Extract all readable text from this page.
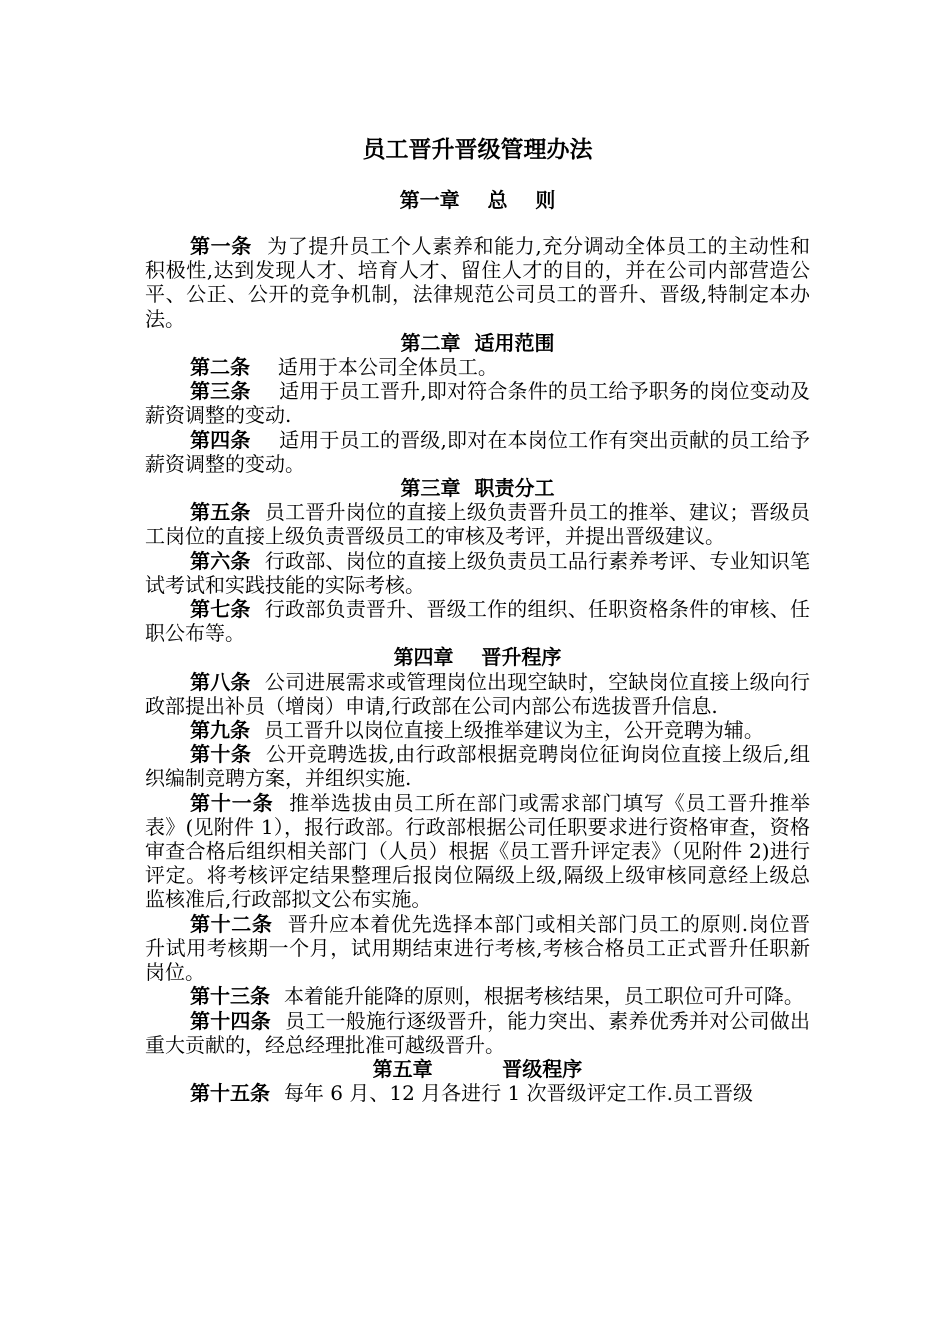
员工晋升晋级管理办法
第一章    总    则

第一条  为了提升员工个人素养和能力,充分调动全体员工的主动性和积极性,达到发现人才、培育人才、留住人才的目的，并在公司内部营造公平、公正、公开的竞争机制，法律规范公司员工的晋升、晋级,特制定本办法。

第二章  适用范围

第二条    适用于本公司全体员工。

第三条    适用于员工晋升,即对符合条件的员工给予职务的岗位变动及薪资调整的变动.

第四条    适用于员工的晋级,即对在本岗位工作有突出贡献的员工给予薪资调整的变动。

第三章  职责分工

第五条  员工晋升岗位的直接上级负责晋升员工的推举、建议；晋级员工岗位的直接上级负责晋级员工的审核及考评，并提出晋级建议。

第六条  行政部、岗位的直接上级负责员工品行素养考评、专业知识笔试考试和实践技能的实际考核。

第七条  行政部负责晋升、晋级工作的组织、任职资格条件的审核、任职公布等。

第四章    晋升程序

第八条  公司进展需求或管理岗位出现空缺时，空缺岗位直接上级向行政部提出补员（增岗）申请,行政部在公司内部公布选拔晋升信息.

第九条  员工晋升以岗位直接上级推举建议为主，公开竞聘为辅。

第十条  公开竞聘选拔,由行政部根据竞聘岗位征询岗位直接上级后,组织编制竞聘方案，并组织实施.

第十一条  推举选拔由员工所在部门或需求部门填写《员工晋升推举表》(见附件 1），报行政部。行政部根据公司任职要求进行资格审查，资格审查合格后组织相关部门（人员）根据《员工晋升评定表》（见附件 2)进行评定。将考核评定结果整理后报岗位隔级上级,隔级上级审核同意经上级总监核准后,行政部拟文公布实施。

第十二条  晋升应本着优先选择本部门或相关部门员工的原则.岗位晋升试用考核期一个月，试用期结束进行考核,考核合格员工正式晋升任职新岗位。

第十三条  本着能升能降的原则，根据考核结果，员工职位可升可降。

第十四条  员工一般施行逐级晋升，能力突出、素养优秀并对公司做出重大贡献的，经总经理批准可越级晋升。

第五章          晋级程序

第十五条  每年 6 月、12 月各进行 1 次晋级评定工作.员工晋级
